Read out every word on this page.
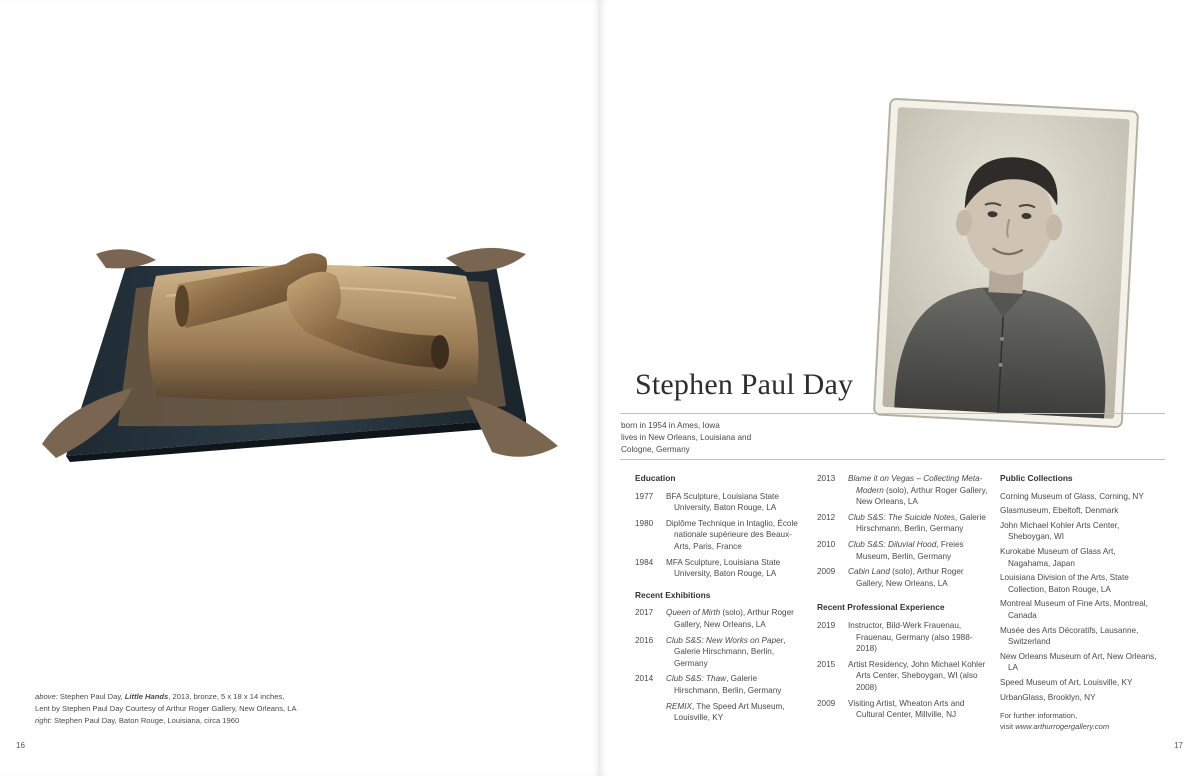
above: Stephen Paul Day, Little Hands, 2013, bronze, 5 x 18 x 14 inches,
Lent by Stephen Paul Day Courtesy of Arthur Roger Gallery, New Orleans, LA
right: Stephen Paul Day, Baton Rouge, Louisiana, circa 1960
16
Stephen Paul Day
born in 1954 in Ames, Iowa
lives in New Orleans, Louisiana and
Cologne, Germany
Education
1977	BFA Sculpture, Louisiana State University, Baton Rouge, LA
1980	Diplôme Technique in Intaglio, École nationale supérieure des Beaux-Arts, Paris, France
1984	MFA Sculpture, Louisiana State University, Baton Rouge, LA
Recent Exhibitions
2017	Queen of Mirth (solo), Arthur Roger Gallery, New Orleans, LA
2016	Club S&S: New Works on Paper, Galerie Hirschmann, Berlin, Germany
2014	Club S&S: Thaw, Galerie Hirschmann, Berlin, Germany
REMIX, The Speed Art Museum, Louisville, KY
2013	Blame it on Vegas – Collecting Meta-Modern (solo), Arthur Roger Gallery, New Orleans, LA
2012	Club S&S: The Suicide Notes, Galerie Hirschmann, Berlin, Germany
2010	Club S&S: Diluvial Hood, Freies Museum, Berlin, Germany
2009	Cabin Land (solo), Arthur Roger Gallery, New Orleans, LA
Recent Professional Experience
2019	Instructor, Bild-Werk Frauenau, Frauenau, Germany (also 1988-2018)
2015	Artist Residency, John Michael Kohler Arts Center, Sheboygan, WI (also 2008)
2009	Visiting Artist, Wheaton Arts and Cultural Center, Millville, NJ
Public Collections
Corning Museum of Glass, Corning, NY
Glasmuseum, Ebeltoft, Denmark
John Michael Kohler Arts Center, Sheboygan, WI
Kurokabe Museum of Glass Art, Nagahama, Japan
Louisiana Division of the Arts, State Collection, Baton Rouge, LA
Montreal Museum of Fine Arts, Montreal, Canada
Musée des Arts Décoratifs, Lausanne, Switzerland
New Orleans Museum of Art, New Orleans, LA
Speed Museum of Art, Louisville, KY
UrbanGlass, Brooklyn, NY
For further information,
visit www.arthurrogergallery.com
17
